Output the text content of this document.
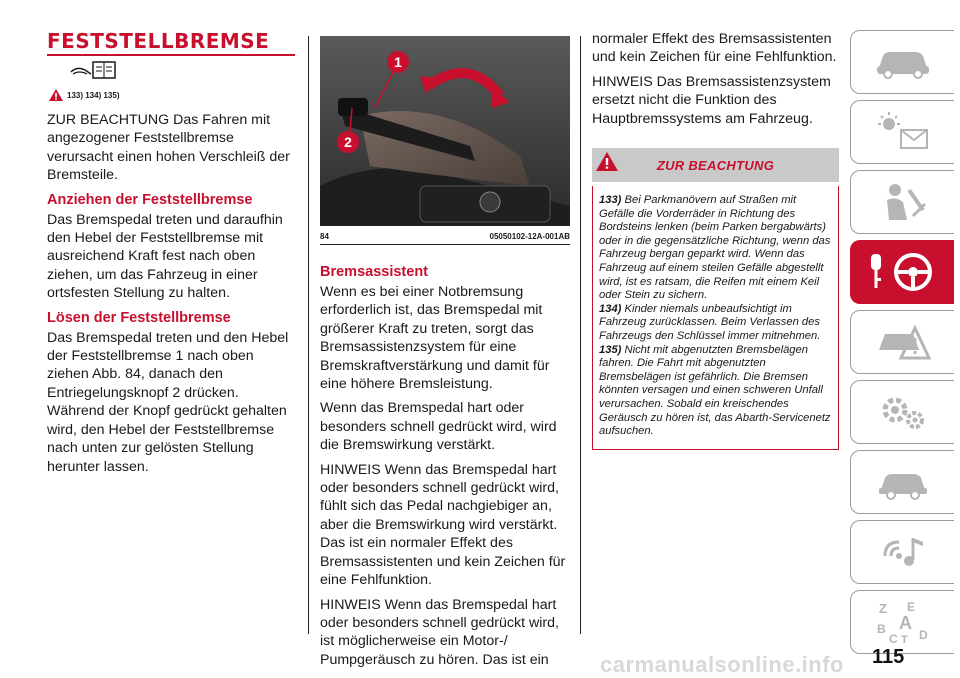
FESTSTELLBREMSE
133) 134) 135)

ZUR BEACHTUNG Das Fahren mit angezogener Feststellbremse verursacht einen hohen Verschleiß der Bremsteile.

Anziehen der Feststellbremse

Das Bremspedal treten und daraufhin den Hebel der Feststellbremse mit ausreichend Kraft fest nach oben ziehen, um das Fahrzeug in einer ortsfesten Stellung zu halten.

Lösen der Feststellbremse

Das Bremspedal treten und den Hebel der Feststellbremse 1 nach oben ziehen Abb. 84, danach den Entriegelungsknopf 2 drücken. Während der Knopf gedrückt gehalten wird, den Hebel der Feststellbremse nach unten zur gelösten Stellung herunter lassen.

1
2
84	05050102-12A-001AB
Bremsassistent

Wenn es bei einer Notbremsung erforderlich ist, das Bremspedal mit größerer Kraft zu treten, sorgt das Bremsassistenzsystem für eine Bremskraftverstärkung und damit für eine höhere Bremsleistung.

Wenn das Bremspedal hart oder besonders schnell gedrückt wird, wird die Bremswirkung verstärkt.

HINWEIS Wenn das Bremspedal hart oder besonders schnell gedrückt wird, fühlt sich das Pedal nachgiebiger an, aber die Bremswirkung wird verstärkt. Das ist ein normaler Effekt des Bremsassistenten und kein Zeichen für eine Fehlfunktion.

HINWEIS Wenn das Bremspedal hart oder besonders schnell gedrückt wird, ist möglicherweise ein Motor-/ Pumpgeräusch zu hören. Das ist ein

normaler Effekt des Bremsassistenten und kein Zeichen für eine Fehlfunktion.

HINWEIS Das Bremsassistenzsystem ersetzt nicht die Funktion des Hauptbremssystems am Fahrzeug.

ZUR BEACHTUNG
133) Bei Parkmanövern auf Straßen mit Gefälle die Vorderräder in Richtung des Bordsteins lenken (beim Parken bergabwärts) oder in die gegensätzliche Richtung, wenn das Fahrzeug bergan geparkt wird. Wenn das Fahrzeug auf einem steilen Gefälle abgestellt wird, ist es ratsam, die Reifen mit einem Keil oder Stein zu sichern.
134) Kinder niemals unbeaufsichtigt im Fahrzeug zurücklassen. Beim Verlassen des Fahrzeugs den Schlüssel immer mitnehmen.
135) Nicht mit abgenutzten Bremsbelägen fahren. Die Fahrt mit abgenutzten Bremsbelägen ist gefährlich. Die Bremsen könnten versagen und einen schweren Unfall verursachen. Sobald ein kreischendes Geräusch zu hören ist, das Abarth-Servicenetz aufsuchen.
Z E
A
B
C T D
carmanualsonline.info 115
